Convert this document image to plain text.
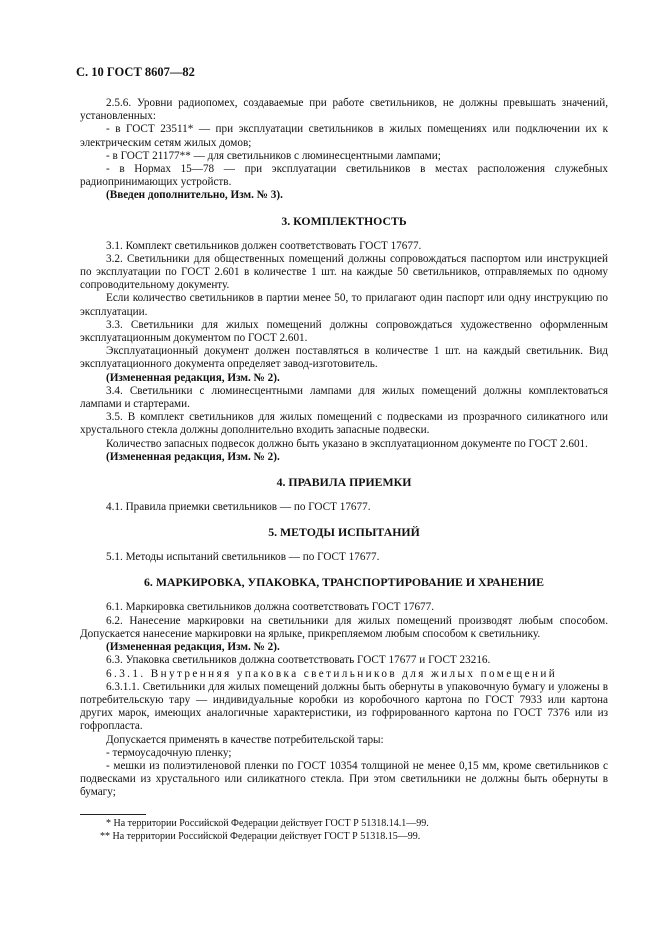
С. 10 ГОСТ 8607—82

2.5.6. Уровни радиопомех, создаваемые при работе светильников, не должны превышать значений, установленных:

- в ГОСТ 23511* — при эксплуатации светильников в жилых помещениях или подключении их к электрическим сетям жилых домов;

- в ГОСТ 21177** — для светильников с люминесцентными лампами;

- в Нормах 15—78 — при эксплуатации светильников в местах расположения служебных радиопринимающих устройств.

(Введен дополнительно, Изм. № 3).

3. КОМПЛЕКТНОСТЬ

3.1. Комплект светильников должен соответствовать ГОСТ 17677.

3.2. Светильники для общественных помещений должны сопровождаться паспортом или инструкцией по эксплуатации по ГОСТ 2.601 в количестве 1 шт. на каждые 50 светильников, отправляемых по одному сопроводительному документу.

Если количество светильников в партии менее 50, то прилагают один паспорт или одну инструкцию по эксплуатации.

3.3. Светильники для жилых помещений должны сопровождаться художественно оформленным эксплуатационным документом по ГОСТ 2.601.

Эксплуатационный документ должен поставляться в количестве 1 шт. на каждый светильник. Вид эксплуатационного документа определяет завод-изготовитель.

(Измененная редакция, Изм. № 2).

3.4. Светильники с люминесцентными лампами для жилых помещений должны комплектоваться лампами и стартерами.

3.5. В комплект светильников для жилых помещений с подвесками из прозрачного силикатного или хрустального стекла должны дополнительно входить запасные подвески.

Количество запасных подвесок должно быть указано в эксплуатационном документе по ГОСТ 2.601.

(Измененная редакция, Изм. № 2).

4. ПРАВИЛА ПРИЕМКИ

4.1. Правила приемки светильников — по ГОСТ 17677.

5. МЕТОДЫ ИСПЫТАНИЙ

5.1. Методы испытаний светильников — по ГОСТ 17677.

6. МАРКИРОВКА, УПАКОВКА, ТРАНСПОРТИРОВАНИЕ И ХРАНЕНИЕ

6.1. Маркировка светильников должна соответствовать ГОСТ 17677.

6.2. Нанесение маркировки на светильники для жилых помещений производят любым способом. Допускается нанесение маркировки на ярлыке, прикрепляемом любым способом к светильнику.

(Измененная редакция, Изм. № 2).

6.3. Упаковка светильников должна соответствовать ГОСТ 17677 и ГОСТ 23216.

6.3.1. Внутренняя упаковка светильников для жилых помещений

6.3.1.1. Светильники для жилых помещений должны быть обернуты в упаковочную бумагу и уложены в потребительскую тару — индивидуальные коробки из коробочного картона по ГОСТ 7933 или картона других марок, имеющих аналогичные характеристики, из гофрированного картона по ГОСТ 7376 или из гофропласта.

Допускается применять в качестве потребительской тары:

- термоусадочную пленку;

- мешки из полиэтиленовой пленки по ГОСТ 10354 толщиной не менее 0,15 мм, кроме светильников с подвесками из хрустального или силикатного стекла. При этом светильники не должны быть обернуты в бумагу;

* На территории Российской Федерации действует ГОСТ Р 51318.14.1—99.

** На территории Российской Федерации действует ГОСТ Р 51318.15—99.
